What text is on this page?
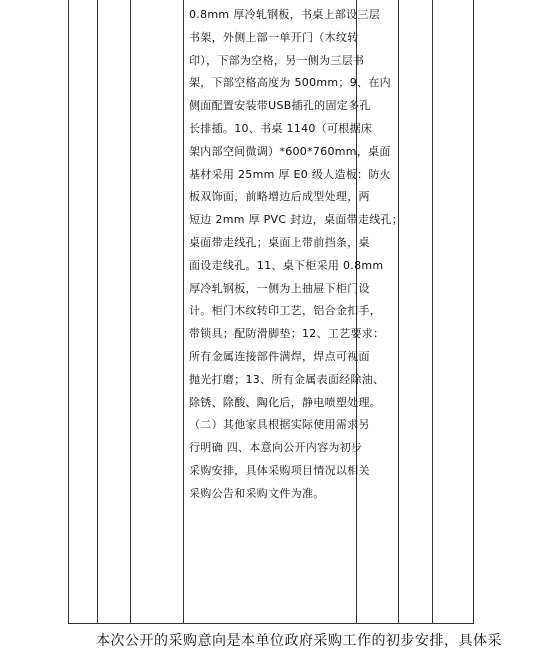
0.8mm 厚冷轧钢板，书桌上部设三层
书架，外侧上部一单开门（木纹转
印），下部为空格，另一侧为三层书
架，下部空格高度为 500mm；9、在内
侧面配置安装带USB插孔的固定多孔
长排插。10、书桌 1140（可根据床
架内部空间微调）*600*760mm，桌面
基材采用 25mm 厚 E0 级人造板：防火
板双饰面，前略增边后成型处理，两
短边 2mm 厚 PVC 封边，桌面带走线孔；
桌面带走线孔；桌面上带前挡条，桌
面设走线孔。11、桌下柜采用 0.8mm
厚冷轧钢板，一侧为上抽屉下柜门设
计。柜门木纹转印工艺，铝合金扣手，
带锁具；配防滑脚垫；12、工艺要求：
所有金属连接部件满焊，焊点可视面
抛光打磨；13、所有金属表面经除油、
除锈、除酸、陶化后，静电喷塑处理。
（二）其他家具根据实际使用需求另
行明确 四、本意向公开内容为初步
采购安排，具体采购项目情况以相关
采购公告和采购文件为准。
本次公开的采购意向是本单位政府采购工作的初步安排，具体采
